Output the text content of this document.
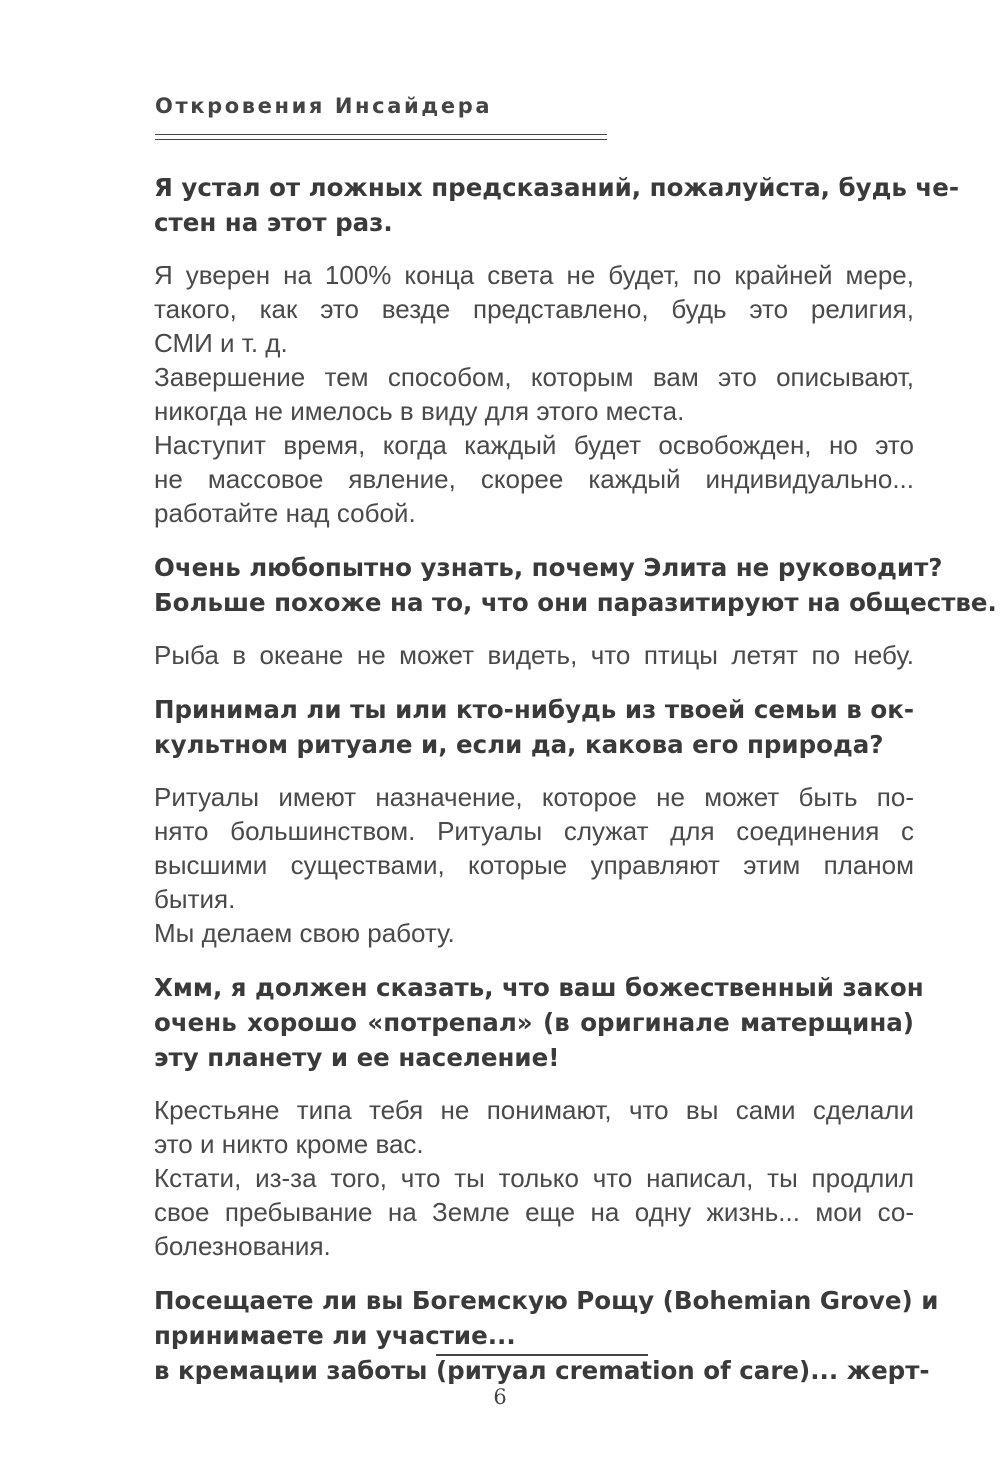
Откровения Инсайдера
Я устал от ложных предсказаний, пожалуйста, будь че-
стен на этот раз.
Я уверен на 100% конца света не будет, по крайней мере,
такого, как это везде представлено, будь это религия,
СМИ и т. д.
Завершение тем способом, которым вам это описывают,
никогда не имелось в виду для этого места.
Наступит время, когда каждый будет освобожден, но это
не массовое явление, скорее каждый индивидуально...
работайте над собой.
Очень любопытно узнать, почему Элита не руководит?
Больше похоже на то, что они паразитируют на обществе.
Рыба в океане не может видеть, что птицы летят по небу.
Принимал ли ты или кто-нибудь из твоей семьи в ок-
культном ритуале и, если да, какова его природа?
Ритуалы имеют назначение, которое не может быть по-
нято большинством. Ритуалы служат для соединения с
высшими существами, которые управляют этим планом
бытия.
Мы делаем свою работу.
Хмм, я должен сказать, что ваш божественный закон
очень хорошо «потрепал» (в оригинале матерщина)
эту планету и ее население!
Крестьяне типа тебя не понимают, что вы сами сделали
это и никто кроме вас.
Кстати, из-за того, что ты только что написал, ты продлил
свое пребывание на Земле еще на одну жизнь... мои со-
болезнования.
Посещаете ли вы Богемскую Рощу (Bohemian Grove) и
принимаете ли участие...
в кремации заботы (ритуал cremation of care)... жерт-
6
